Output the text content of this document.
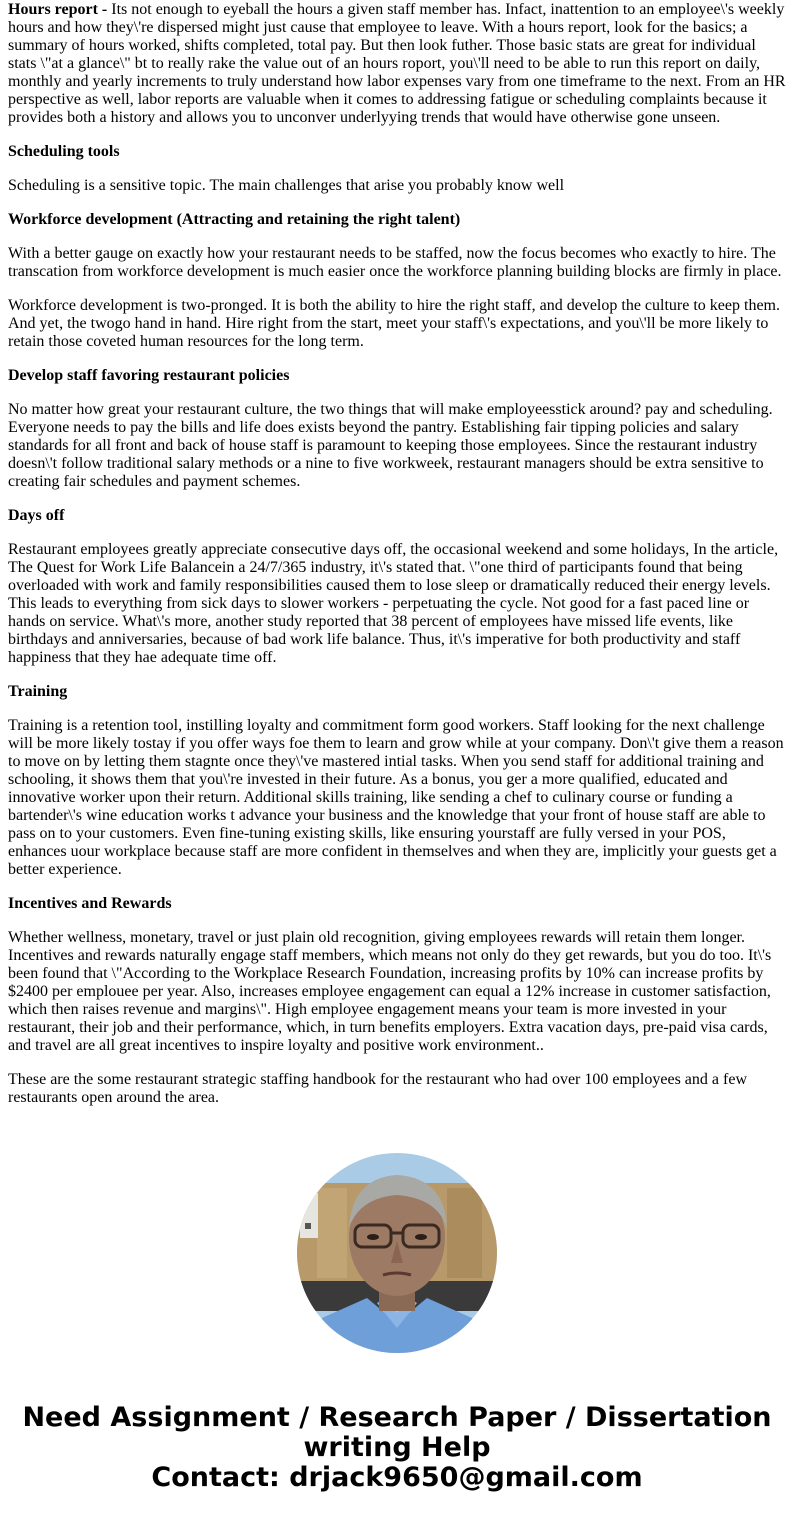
Hours report - Its not enough to eyeball the hours a given staff member has. Infact, inattention to an employee\'s weekly hours and how they\'re dispersed might just cause that employee to leave. With a hours report, look for the basics; a summary of hours worked, shifts completed, total pay. But then look futher. Those basic stats are great for individual stats \"at a glance\" bt to really rake the value out of an hours roport, you\'ll need to be able to run this report on daily, monthly and yearly increments to truly understand how labor expenses vary from one timeframe to the next. From an HR perspective as well, labor reports are valuable when it comes to addressing fatigue or scheduling complaints because it provides both a history and allows you to unconver underlyying trends that would have otherwise gone unseen.

Scheduling tools

Scheduling is a sensitive topic. The main challenges that arise you probably know well

Workforce development (Attracting and retaining the right talent)

With a better gauge on exactly how your restaurant needs to be staffed, now the focus becomes who exactly to hire. The transcation from workforce development is much easier once the workforce planning building blocks are firmly in place.

Workforce development is two-pronged. It is both the ability to hire the right staff, and develop the culture to keep them. And yet, the twogo hand in hand. Hire right from the start, meet your staff\'s expectations, and you\'ll be more likely to retain those coveted human resources for the long term.

Develop staff favoring restaurant policies

No matter how great your restaurant culture, the two things that will make employeesstick around? pay and scheduling. Everyone needs to pay the bills and life does exists beyond the pantry. Establishing fair tipping policies and salary standards for all front and back of house staff is paramount to keeping those employees. Since the restaurant industry doesn\'t follow traditional salary methods or a nine to five workweek, restaurant managers should be extra sensitive to creating fair schedules and payment schemes.

Days off

Restaurant employees greatly appreciate consecutive days off, the occasional weekend and some holidays, In the article, The Quest for Work Life Balancein a 24/7/365 industry, it\'s stated that. \"one third of participants found that being overloaded with work and family responsibilities caused them to lose sleep or dramatically reduced their energy levels. This leads to everything from sick days to slower workers - perpetuating the cycle. Not good for a fast paced line or hands on service. What\'s more, another study reported that 38 percent of employees have missed life events, like birthdays and anniversaries, because of bad work life balance. Thus, it\'s imperative for both productivity and staff happiness that they hae adequate time off.

Training

Training is a retention tool, instilling loyalty and commitment form good workers. Staff looking for the next challenge will be more likely tostay if you offer ways foe them to learn and grow while at your company. Don\'t give them a reason to move on by letting them stagnte once they\'ve mastered intial tasks. When you send staff for additional training and schooling, it shows them that you\'re invested in their future. As a bonus, you ger a more qualified, educated and innovative worker upon their return. Additional skills training, like sending a chef to culinary course or funding a bartender\'s wine education works t advance your business and the knowledge that your front of house staff are able to pass on to your customers. Even fine-tuning existing skills, like ensuring yourstaff are fully versed in your POS, enhances uour workplace because staff are more confident in themselves and when they are, implicitly your guests get a better experience.

Incentives and Rewards

Whether wellness, monetary, travel or just plain old recognition, giving employees rewards will retain them longer. Incentives and rewards naturally engage staff members, which means not only do they get rewards, but you do too. It\'s been found that \"According to the Workplace Research Foundation, increasing profits by 10% can increase profits by $2400 per emplouee per year. Also, increases employee engagement can equal a 12% increase in customer satisfaction, which then raises revenue and margins\". High employee engagement means your team is more invested in your restaurant, their job and their performance, which, in turn benefits employers. Extra vacation days, pre-paid visa cards, and travel are all great incentives to inspire loyalty and positive work environment..

These are the some restaurant strategic staffing handbook for the restaurant who had over 100 employees and a few restaurants open around the area.

Need Assignment / Research Paper / Dissertation
writing Help
Contact: drjack9650@gmail.com
